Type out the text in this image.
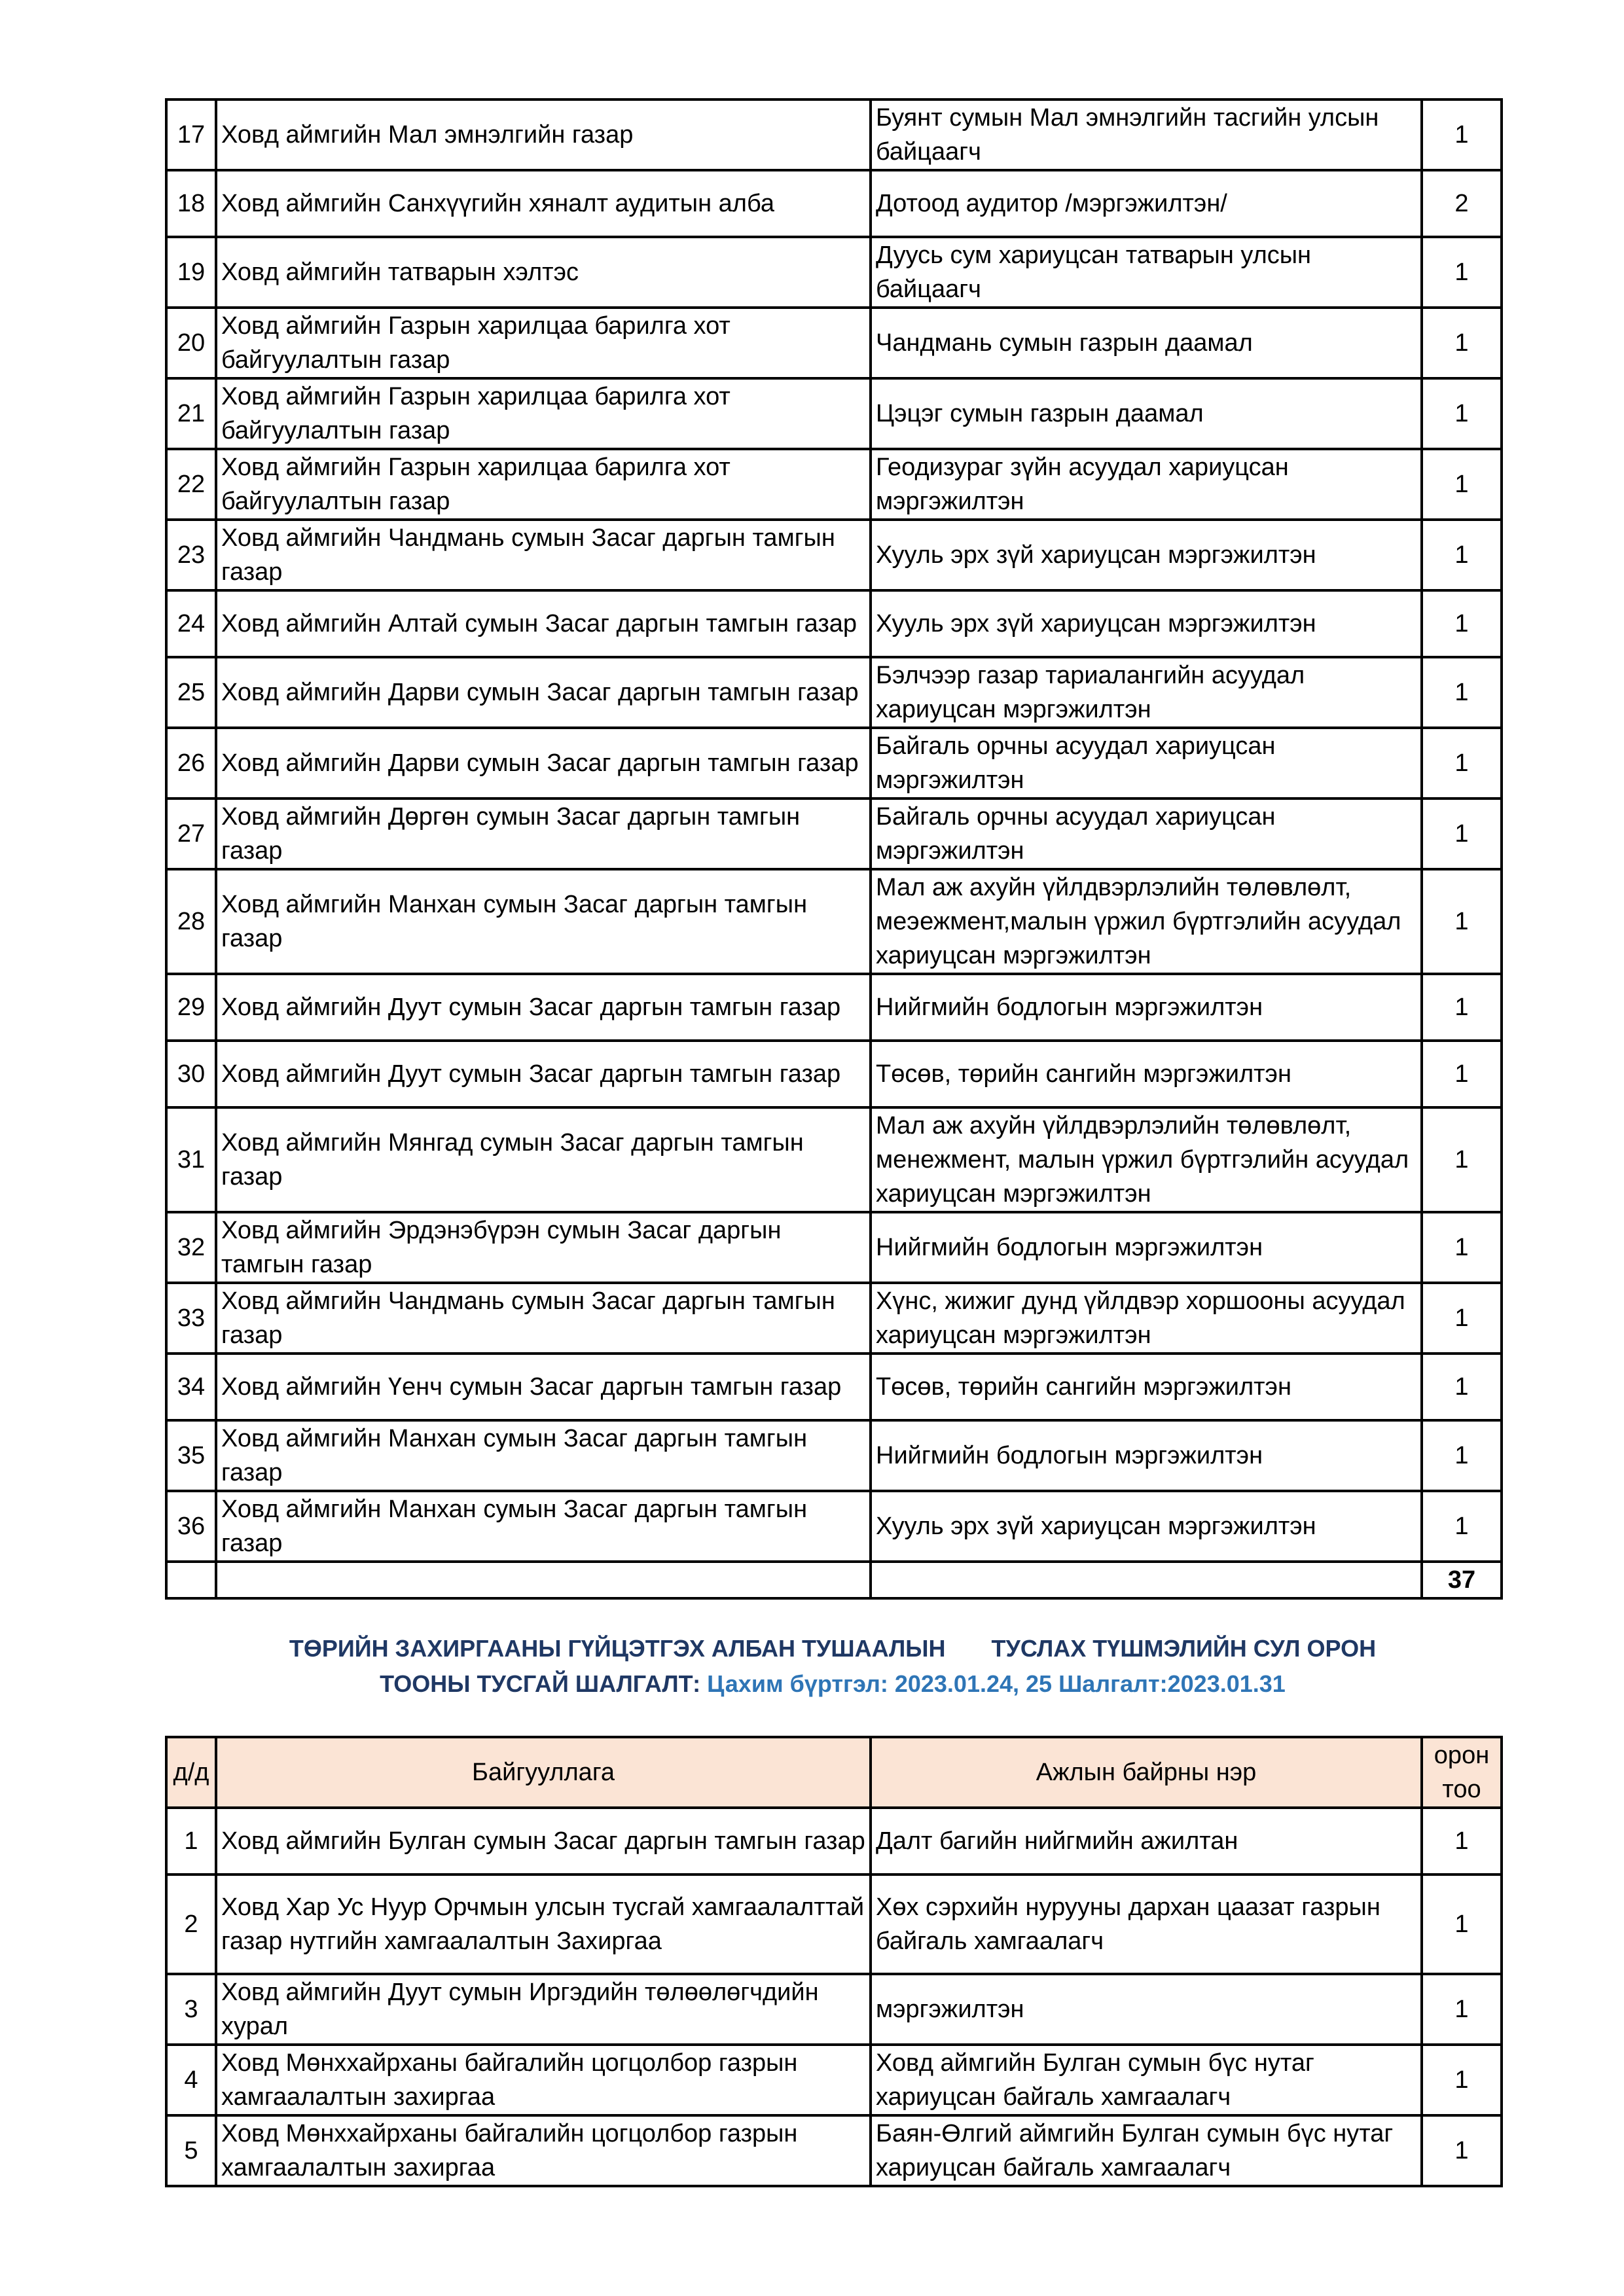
17	Ховд аймгийн Мал эмнэлгийн газар	Буянт сумын Мал эмнэлгийн тасгийн улсын байцаагч	1
18	Ховд аймгийн Санхүүгийн хяналт аудитын алба	Дотоод аудитор /мэргэжилтэн/	2
19	Ховд аймгийн татварын хэлтэс	Дуусь сум хариуцсан татварын улсын байцаагч	1
20	Ховд аймгийн Газрын харилцаа барилга хот байгуулалтын газар	Чандмань сумын газрын даамал	1
21	Ховд аймгийн Газрын харилцаа барилга хот байгуулалтын газар	Цэцэг сумын газрын даамал	1
22	Ховд аймгийн Газрын харилцаа барилга хот байгуулалтын газар	Геодизураг зүйн асуудал хариуцсан мэргэжилтэн	1
23	Ховд аймгийн Чандмань сумын Засаг даргын тамгын газар	Хууль эрх зүй хариуцсан мэргэжилтэн	1
24	Ховд аймгийн Алтай сумын Засаг даргын тамгын газар	Хууль эрх зүй хариуцсан мэргэжилтэн	1
25	Ховд аймгийн Дарви сумын Засаг даргын тамгын газар	Бэлчээр газар тариалангийн асуудал хариуцсан мэргэжилтэн	1
26	Ховд аймгийн Дарви сумын Засаг даргын тамгын газар	Байгаль орчны асуудал хариуцсан мэргэжилтэн	1
27	Ховд аймгийн Дөргөн сумын Засаг даргын тамгын газар	Байгаль орчны асуудал хариуцсан мэргэжилтэн	1
28	Ховд аймгийн Манхан сумын Засаг даргын тамгын газар	Мал аж ахуйн үйлдвэрлэлийн төлөвлөлт, меэежмент,малын үржил бүртгэлийн асуудал хариуцсан мэргэжилтэн	1
29	Ховд аймгийн Дуут сумын Засаг даргын тамгын газар	Нийгмийн бодлогын мэргэжилтэн	1
30	Ховд аймгийн Дуут сумын Засаг даргын тамгын газар	Төсөв, төрийн сангийн мэргэжилтэн	1
31	Ховд аймгийн Мянгад сумын Засаг даргын тамгын газар	Мал аж ахуйн үйлдвэрлэлийн төлөвлөлт, менежмент, малын үржил бүртгэлийн асуудал хариуцсан мэргэжилтэн	1
32	Ховд аймгийн Эрдэнэбүрэн сумын Засаг даргын тамгын газар	Нийгмийн бодлогын мэргэжилтэн	1
33	Ховд аймгийн Чандмань сумын Засаг даргын тамгын газар	Хүнс, жижиг дунд үйлдвэр хоршооны асуудал хариуцсан мэргэжилтэн	1
34	Ховд аймгийн Үенч сумын Засаг даргын тамгын газар	Төсөв, төрийн сангийн мэргэжилтэн	1
35	Ховд аймгийн Манхан сумын Засаг даргын тамгын газар	Нийгмийн бодлогын мэргэжилтэн	1
36	Ховд аймгийн Манхан сумын Засаг даргын тамгын газар	Хууль эрх зүй хариуцсан мэргэжилтэн	1
			37
ТӨРИЙН ЗАХИРГААНЫ ГҮЙЦЭТГЭХ АЛБАН ТУШААЛЫН ТУСЛАХ ТҮШМЭЛИЙН СУЛ ОРОН
ТООНЫ ТУСГАЙ ШАЛГАЛТ: Цахим бүртгэл: 2023.01.24, 25 Шалгалт:2023.01.31
д/д	Байгууллага	Ажлын байрны нэр	орон тоо
1	Ховд аймгийн Булган сумын Засаг даргын тамгын газар	Далт багийн нийгмийн ажилтан	1
2	Ховд Хар Ус Нуур Орчмын улсын тусгай хамгаалалттай газар нутгийн хамгаалалтын Захиргаа	Хөх сэрхийн нурууны дархан цаазат газрын байгаль хамгаалагч	1
3	Ховд аймгийн Дуут сумын Иргэдийн төлөөлөгчдийн хурал	мэргэжилтэн	1
4	Ховд Мөнххайрханы байгалийн цогцолбор газрын хамгаалалтын захиргаа	Ховд аймгийн Булган сумын бүс нутаг хариуцсан байгаль хамгаалагч	1
5	Ховд Мөнххайрханы байгалийн цогцолбор газрын хамгаалалтын захиргаа	Баян-Өлгий аймгийн Булган сумын бүс нутаг хариуцсан байгаль хамгаалагч	1
